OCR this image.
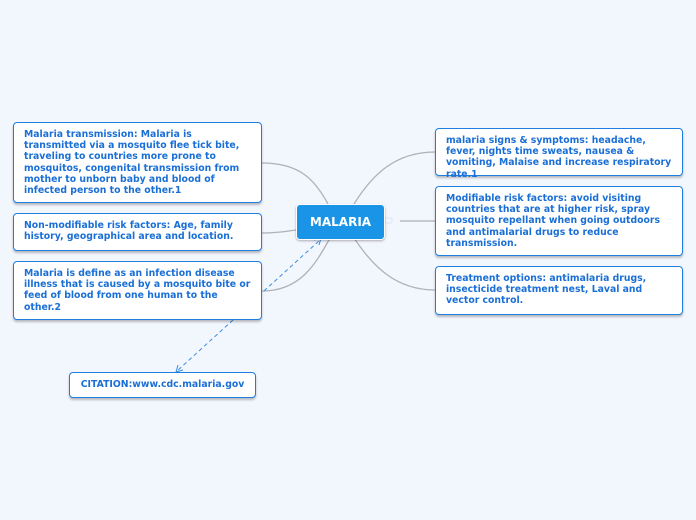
MALARIA
Malaria transmission: Malaria is transmitted via a mosquito flee tick bite, traveling to countries more prone to mosquitos, congenital transmission from mother to unborn baby and blood of infected person to the other.1
Non-modifiable risk factors: Age, family history, geographical area and location.
Malaria is define as an infection disease illness that is caused by a mosquito bite or feed of blood from one human to the other.2
malaria signs & symptoms: headache, fever, nights time sweats, nausea & vomiting, Malaise and increase respiratory rate.1
Modifiable risk factors: avoid visiting countries that are at higher risk, spray mosquito repellant when going outdoors and antimalarial drugs to reduce transmission.
Treatment options: antimalaria drugs, insecticide treatment nest, Laval and vector control.
CITATION:www.cdc.malaria.gov
